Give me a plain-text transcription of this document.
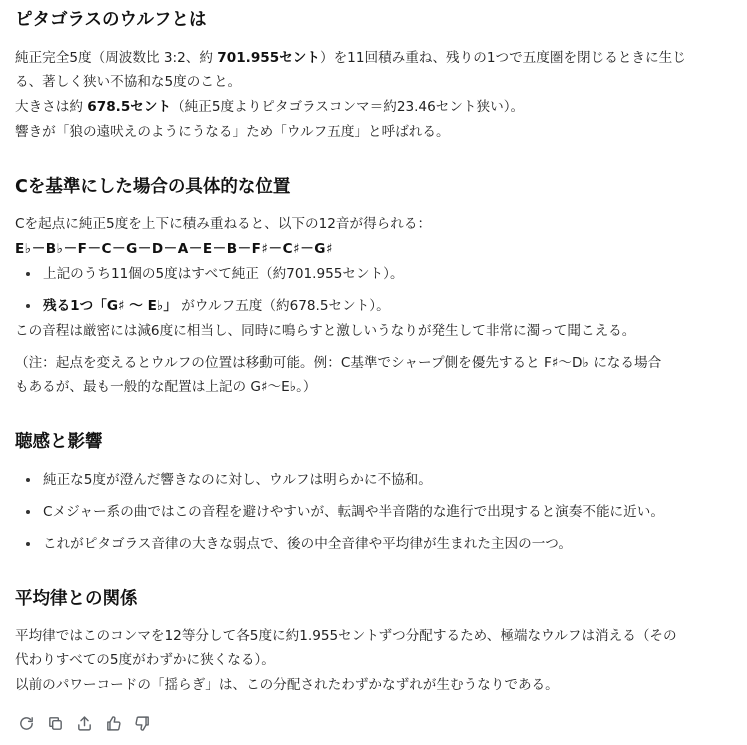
ピタゴラスのウルフとは
純正完全5度（周波数比 3:2、約 701.955セント）を11回積み重ね、残りの1つで五度圏を閉じるときに生じ
る、著しく狭い不協和な5度のこと。
大きさは約 678.5セント（純正5度よりピタゴラスコンマ＝約23.46セント狭い）。
響きが「狼の遠吠えのようにうなる」ため「ウルフ五度」と呼ばれる。
Cを基準にした場合の具体的な位置
Cを起点に純正5度を上下に積み重ねると、以下の12音が得られる：
E♭－B♭－F－C－G－D－A－E－B－F♯－C♯－G♯
上記のうち11個の5度はすべて純正（約701.955セント）。
残る1つ「G♯ 〜 E♭」 がウルフ五度（約678.5セント）。
この音程は厳密には減6度に相当し、同時に鳴らすと激しいうなりが発生して非常に濁って聞こえる。
（注：起点を変えるとウルフの位置は移動可能。例：C基準でシャープ側を優先すると F♯〜D♭ になる場合
もあるが、最も一般的な配置は上記の G♯〜E♭。）
聴感と影響
純正な5度が澄んだ響きなのに対し、ウルフは明らかに不協和。
Cメジャー系の曲ではこの音程を避けやすいが、転調や半音階的な進行で出現すると演奏不能に近い。
これがピタゴラス音律の大きな弱点で、後の中全音律や平均律が生まれた主因の一つ。
平均律との関係
平均律ではこのコンマを12等分して各5度に約1.955セントずつ分配するため、極端なウルフは消える（その
代わりすべての5度がわずかに狭くなる）。
以前のパワーコードの「揺らぎ」は、この分配されたわずかなずれが生むうなりである。
